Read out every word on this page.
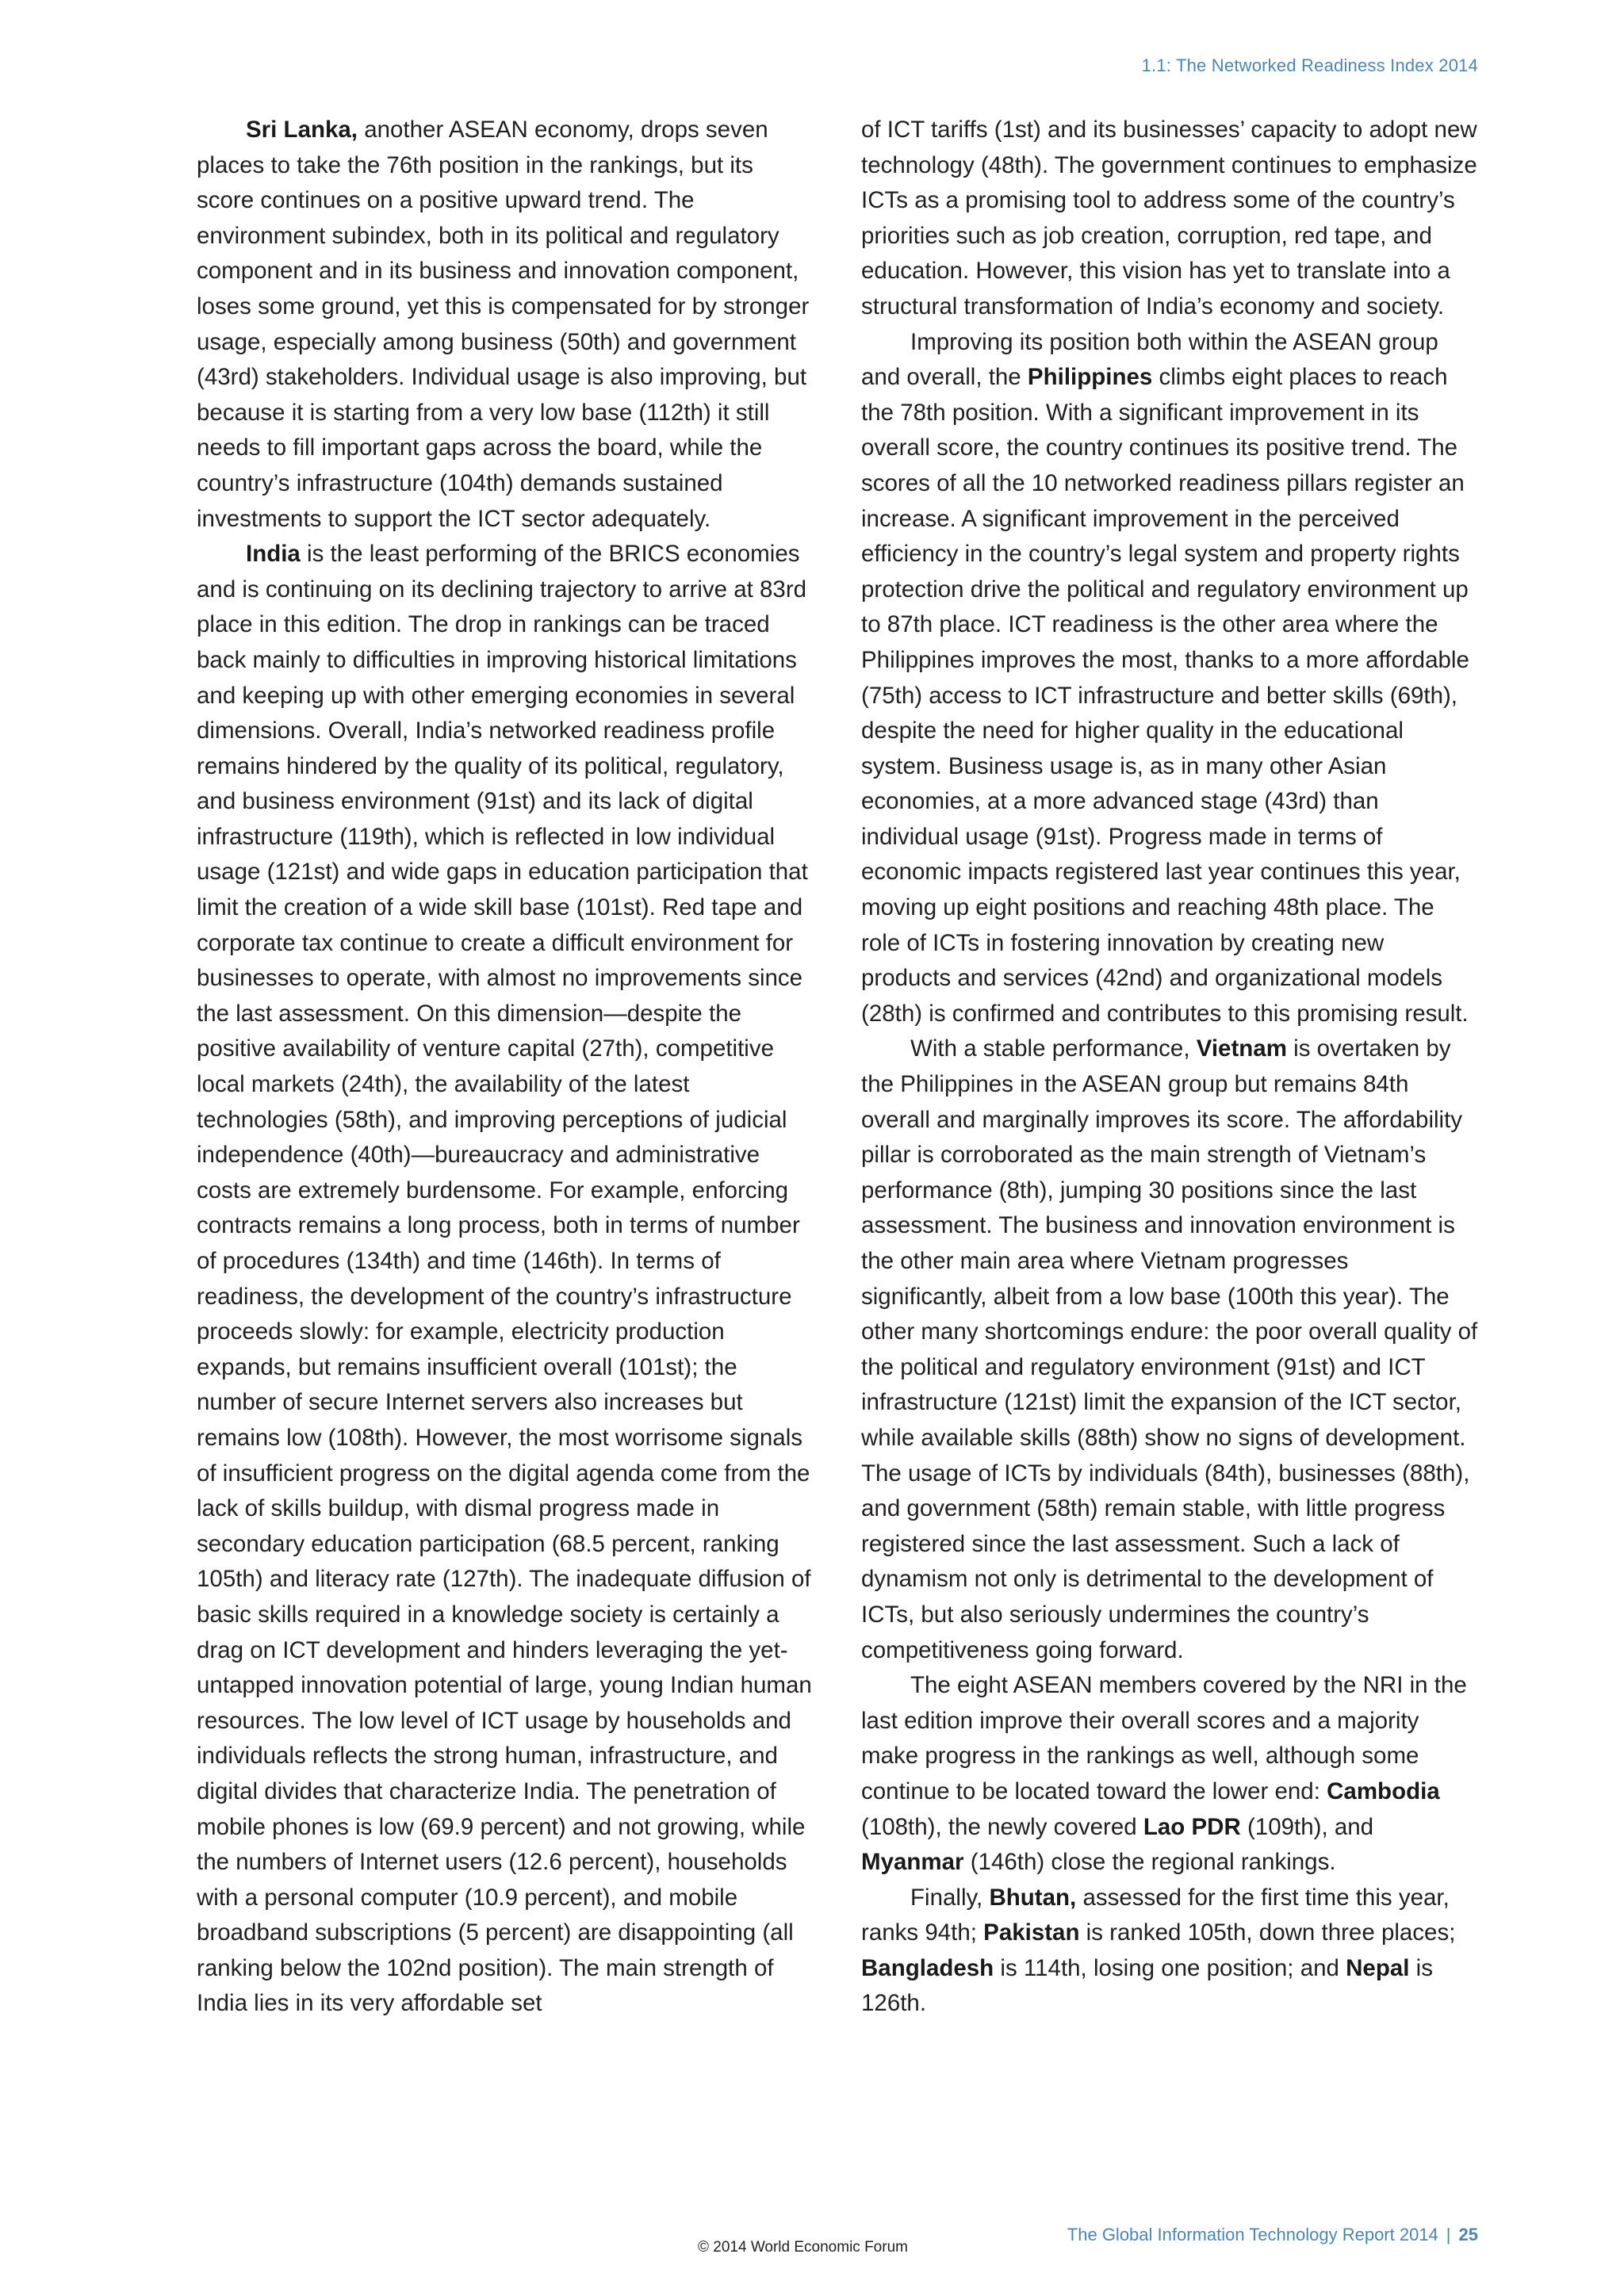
1.1: The Networked Readiness Index 2014

Sri Lanka, another ASEAN economy, drops seven places to take the 76th position in the rankings, but its score continues on a positive upward trend. The environment subindex, both in its political and regulatory component and in its business and innovation component, loses some ground, yet this is compensated for by stronger usage, especially among business (50th) and government (43rd) stakeholders. Individual usage is also improving, but because it is starting from a very low base (112th) it still needs to fill important gaps across the board, while the country’s infrastructure (104th) demands sustained investments to support the ICT sector adequately.

India is the least performing of the BRICS economies and is continuing on its declining trajectory to arrive at 83rd place in this edition. The drop in rankings can be traced back mainly to difficulties in improving historical limitations and keeping up with other emerging economies in several dimensions. Overall, India’s networked readiness profile remains hindered by the quality of its political, regulatory, and business environment (91st) and its lack of digital infrastructure (119th), which is reflected in low individual usage (121st) and wide gaps in education participation that limit the creation of a wide skill base (101st). Red tape and corporate tax continue to create a difficult environment for businesses to operate, with almost no improvements since the last assessment. On this dimension—despite the positive availability of venture capital (27th), competitive local markets (24th), the availability of the latest technologies (58th), and improving perceptions of judicial independence (40th)—bureaucracy and administrative costs are extremely burdensome. For example, enforcing contracts remains a long process, both in terms of number of procedures (134th) and time (146th). In terms of readiness, the development of the country’s infrastructure proceeds slowly: for example, electricity production expands, but remains insufficient overall (101st); the number of secure Internet servers also increases but remains low (108th). However, the most worrisome signals of insufficient progress on the digital agenda come from the lack of skills buildup, with dismal progress made in secondary education participation (68.5 percent, ranking 105th) and literacy rate (127th). The inadequate diffusion of basic skills required in a knowledge society is certainly a drag on ICT development and hinders leveraging the yet-untapped innovation potential of large, young Indian human resources. The low level of ICT usage by households and individuals reflects the strong human, infrastructure, and digital divides that characterize India. The penetration of mobile phones is low (69.9 percent) and not growing, while the numbers of Internet users (12.6 percent), households with a personal computer (10.9 percent), and mobile broadband subscriptions (5 percent) are disappointing (all ranking below the 102nd position). The main strength of India lies in its very affordable set

of ICT tariffs (1st) and its businesses’ capacity to adopt new technology (48th). The government continues to emphasize ICTs as a promising tool to address some of the country’s priorities such as job creation, corruption, red tape, and education. However, this vision has yet to translate into a structural transformation of India’s economy and society.

Improving its position both within the ASEAN group and overall, the Philippines climbs eight places to reach the 78th position. With a significant improvement in its overall score, the country continues its positive trend. The scores of all the 10 networked readiness pillars register an increase. A significant improvement in the perceived efficiency in the country’s legal system and property rights protection drive the political and regulatory environment up to 87th place. ICT readiness is the other area where the Philippines improves the most, thanks to a more affordable (75th) access to ICT infrastructure and better skills (69th), despite the need for higher quality in the educational system. Business usage is, as in many other Asian economies, at a more advanced stage (43rd) than individual usage (91st). Progress made in terms of economic impacts registered last year continues this year, moving up eight positions and reaching 48th place. The role of ICTs in fostering innovation by creating new products and services (42nd) and organizational models (28th) is confirmed and contributes to this promising result.

With a stable performance, Vietnam is overtaken by the Philippines in the ASEAN group but remains 84th overall and marginally improves its score. The affordability pillar is corroborated as the main strength of Vietnam’s performance (8th), jumping 30 positions since the last assessment. The business and innovation environment is the other main area where Vietnam progresses significantly, albeit from a low base (100th this year). The other many shortcomings endure: the poor overall quality of the political and regulatory environment (91st) and ICT infrastructure (121st) limit the expansion of the ICT sector, while available skills (88th) show no signs of development. The usage of ICTs by individuals (84th), businesses (88th), and government (58th) remain stable, with little progress registered since the last assessment. Such a lack of dynamism not only is detrimental to the development of ICTs, but also seriously undermines the country’s competitiveness going forward.

The eight ASEAN members covered by the NRI in the last edition improve their overall scores and a majority make progress in the rankings as well, although some continue to be located toward the lower end: Cambodia (108th), the newly covered Lao PDR (109th), and Myanmar (146th) close the regional rankings.

Finally, Bhutan, assessed for the first time this year, ranks 94th; Pakistan is ranked 105th, down three places; Bangladesh is 114th, losing one position; and Nepal is 126th.

The Global Information Technology Report 2014 | 25
© 2014 World Economic Forum
